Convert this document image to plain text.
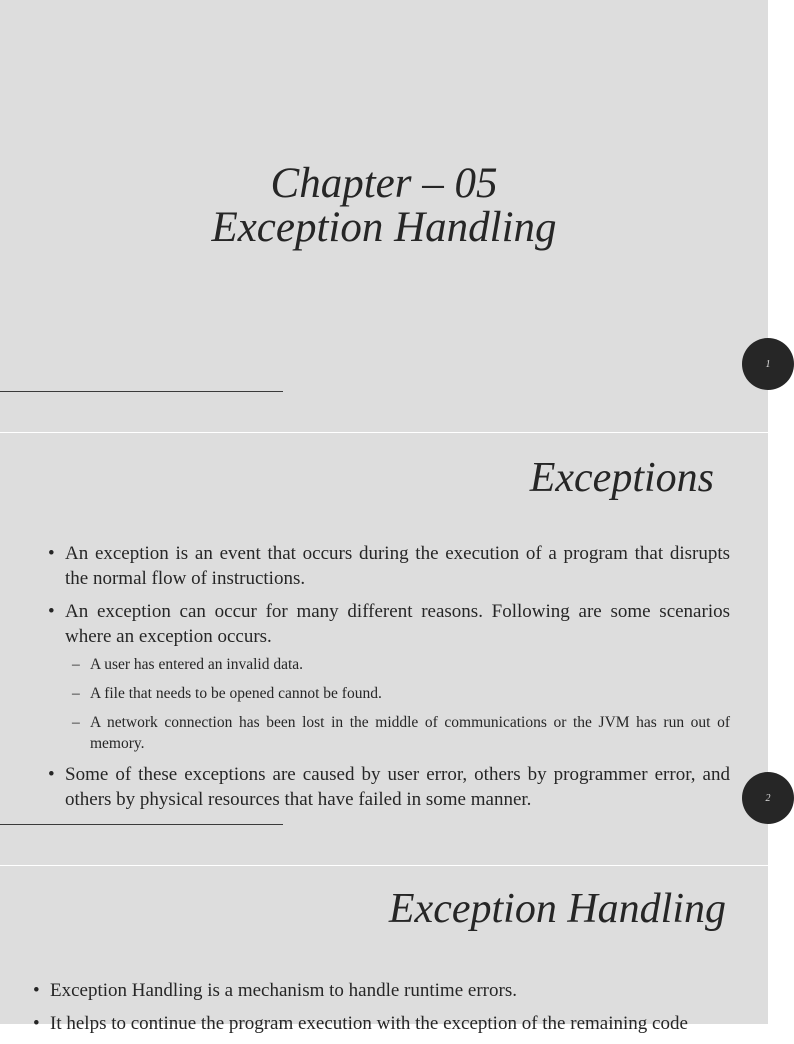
Chapter – 05
Exception Handling
1
Exceptions
• An exception is an event that occurs during the execution of a program that disrupts the normal flow of instructions.
• An exception can occur for many different reasons. Following are some scenarios where an exception occurs.
– A user has entered an invalid data.
– A file that needs to be opened cannot be found.
– A network connection has been lost in the middle of communications or the JVM has run out of memory.
• Some of these exceptions are caused by user error, others by programmer error, and others by physical resources that have failed in some manner.	2
Exception Handling
• Exception Handling is a mechanism to handle runtime errors.
• It helps to continue the program execution with the exception of the remaining code
